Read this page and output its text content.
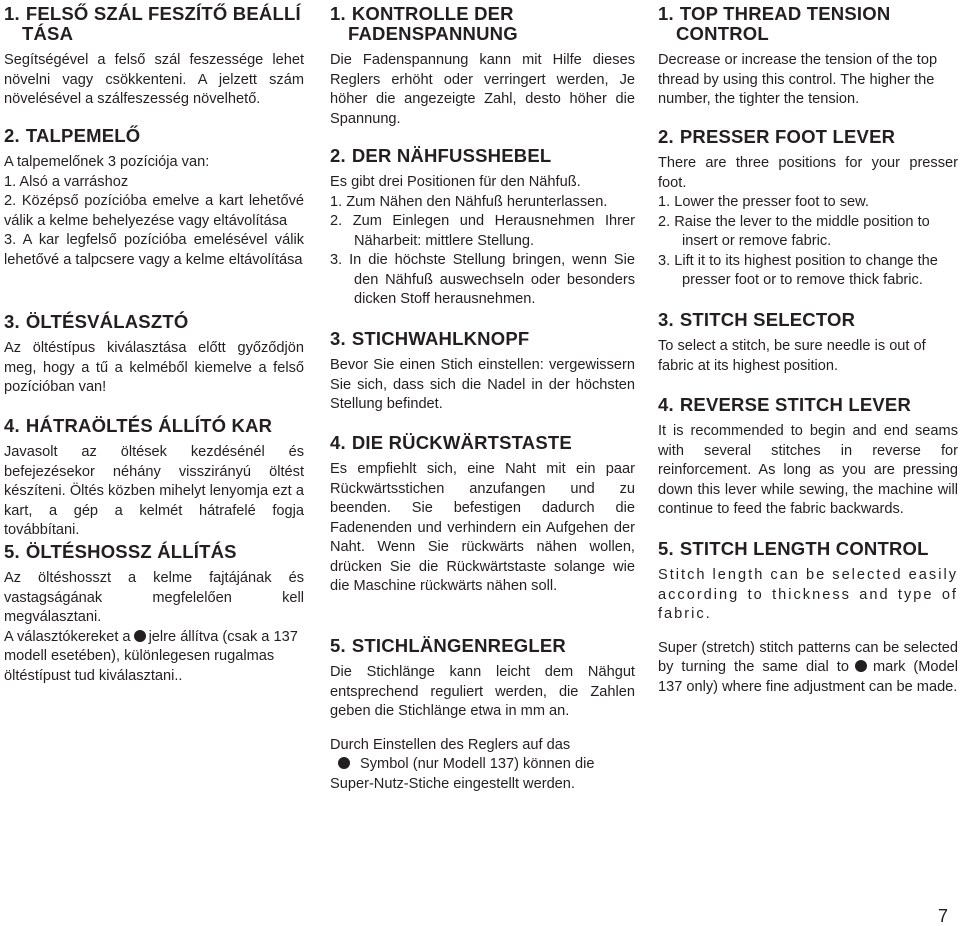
1. FELSŐ SZÁL FESZÍTŐ BEÁLLÍ
TÁSA

Segítségével a felső szál feszessége lehet növelni vagy csökkenteni. A jelzett szám növelésével a szálfeszesség növelhető.

2. TALPEMELŐ

A talpemelőnek 3 pozíciója van:

1. Alsó a varráshoz

2. Középső pozícióba emelve a kart lehetővé válik a kelme behelyezése vagy eltávolítása

3. A kar legfelső pozícióba emelésével válik lehetővé a talpcsere vagy a kelme eltávolítása

3. ÖLTÉSVÁLASZTÓ

Az öltéstípus kiválasztása előtt győződjön meg, hogy a tű a kelméből kiemelve a felső pozícióban van!

4. HÁTRAÖLTÉS ÁLLÍTÓ KAR

Javasolt az öltések kezdésénél és befejezésekor néhány visszirányú öltést készíteni. Öltés közben mihelyt lenyomja ezt a kart, a gép a kelmét hátrafelé fogja továbbítani.

5. ÖLTÉSHOSSZ ÁLLÍTÁS

Az öltéshosszt a kelme fajtájának és vastagságának megfelelően kell megválasztani.

A választókereket a jelre állítva (csak a 137 modell esetében), különlegesen rugalmas öltéstípust tud kiválasztani..

1. KONTROLLE DER
FADENSPANNUNG

Die Fadenspannung kann mit Hilfe dieses Reglers erhöht oder verringert werden, Je höher die angezeigte Zahl, desto höher die Spannung.

2. DER NÄHFUSSHEBEL

Es gibt drei Positionen für den Nähfuß.

1. Zum Nähen den Nähfuß herunterlassen.

2. Zum Einlegen und Herausnehmen Ihrer Näharbeit: mittlere Stellung.

3. In die höchste Stellung bringen, wenn Sie den Nähfuß auswechseln oder besonders dicken Stoff herausnehmen.

3. STICHWAHLKNOPF

Bevor Sie einen Stich einstellen: vergewissern Sie sich, dass sich die Nadel in der höchsten Stellung befindet.

4. DIE RÜCKWÄRTSTASTE

Es empfiehlt sich, eine Naht mit ein paar Rückwärtsstichen anzufangen und zu beenden. Sie befestigen dadurch die Fadenenden und verhindern ein Aufgehen der Naht. Wenn Sie rückwärts nähen wollen, drücken Sie die Rückwärtstaste solange wie die Maschine rückwärts nähen soll.

5. STICHLÄNGENREGLER

Die Stichlänge kann leicht dem Nähgut entsprechend reguliert werden, die Zahlen geben die Stichlänge etwa in mm an.

Durch Einstellen des Reglers auf das
Symbol (nur Modell 137) können die Super-Nutz-Stiche eingestellt werden.

1. TOP THREAD TENSION
CONTROL

Decrease or increase the tension of the top thread by using this control. The higher the number, the tighter the tension.

2. PRESSER FOOT LEVER

There are three positions for your presser foot.

1. Lower the presser foot to sew.

2. Raise the lever to the middle position to insert or remove fabric.

3. Lift it to its highest position to change the presser foot or to remove thick fabric.

3. STITCH SELECTOR

To select a stitch, be sure needle is out of fabric at its highest position.

4. REVERSE STITCH LEVER

It is recommended to begin and end seams with several stitches in reverse for reinforcement. As long as you are pressing down this lever while sewing, the machine will continue to feed the fabric backwards.

5. STITCH LENGTH CONTROL

Stitch length can be selected easily according to thickness and type of fabric.

Super (stretch) stitch patterns can be selected by turning the same dial to mark (Model 137 only) where fine adjustment can be made.

7
